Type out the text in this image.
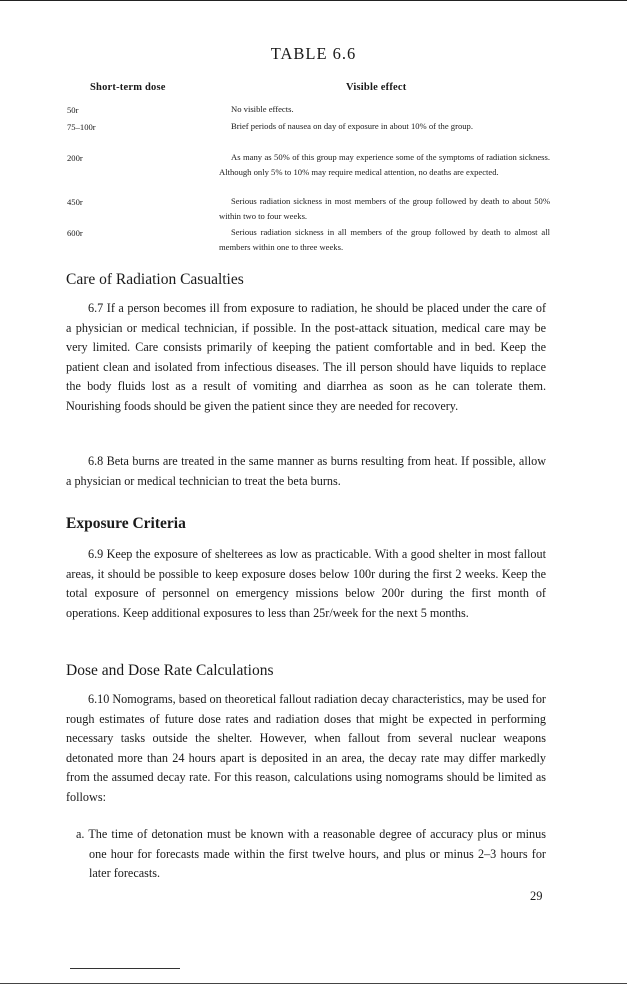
TABLE 6.6
Short-term dose	Visible effect
50r	No visible effects.
75–100r	Brief periods of nausea on day of exposure in about 10% of the group.
200r	As many as 50% of this group may experience some of the symptoms of radiation sickness. Although only 5% to 10% may require medical attention, no deaths are expected.
450r	Serious radiation sickness in most members of the group followed by death to about 50% within two to four weeks.
600r	Serious radiation sickness in all members of the group followed by death to almost all members within one to three weeks.
Care of Radiation Casualties

6.7 If a person becomes ill from exposure to radiation, he should be placed under the care of a physician or medical technician, if possible. In the post-attack situation, medical care may be very limited. Care consists primarily of keeping the patient comfortable and in bed. Keep the patient clean and isolated from infectious diseases. The ill person should have liquids to replace the body fluids lost as a result of vomiting and diarrhea as soon as he can tolerate them. Nourishing foods should be given the patient since they are needed for recovery.

6.8 Beta burns are treated in the same manner as burns resulting from heat. If possible, allow a physician or medical technician to treat the beta burns.

Exposure Criteria

6.9 Keep the exposure of shelterees as low as practicable. With a good shelter in most fallout areas, it should be possible to keep exposure doses below 100r during the first 2 weeks. Keep the total exposure of personnel on emergency missions below 200r during the first month of operations. Keep additional exposures to less than 25r/week for the next 5 months.

Dose and Dose Rate Calculations

6.10 Nomograms, based on theoretical fallout radiation decay characteristics, may be used for rough estimates of future dose rates and radiation doses that might be expected in performing necessary tasks outside the shelter. However, when fallout from several nuclear weapons detonated more than 24 hours apart is deposited in an area, the decay rate may differ markedly from the assumed decay rate. For this reason, calculations using nomograms should be limited as follows:

a. The time of detonation must be known with a reasonable degree of accuracy plus or minus one hour for forecasts made within the first twelve hours, and plus or minus 2–3 hours for later forecasts.
29
